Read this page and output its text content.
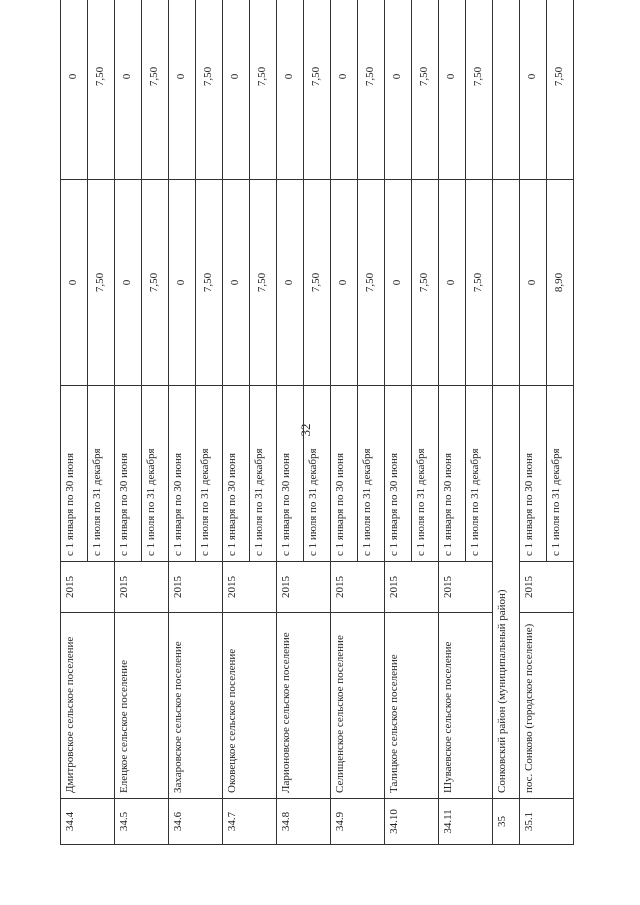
32
34.4	Дмитровское сельское поселение	2015	с 1 января по 30 июня	0	0
			с 1 июля по 31 декабря	7,50	7,50
34.5	Елецкое сельское поселение	2015	с 1 января по 30 июня	0	0
			с 1 июля по 31 декабря	7,50	7,50
34.6	Захаровское сельское поселение	2015	с 1 января по 30 июня	0	0
			с 1 июля по 31 декабря	7,50	7,50
34.7	Оковецкое сельское поселение	2015	с 1 января по 30 июня	0	0
			с 1 июля по 31 декабря	7,50	7,50
34.8	Ларионовское сельское поселение	2015	с 1 января по 30 июня	0	0
			с 1 июля по 31 декабря	7,50	7,50
34.9	Селищенское сельское поселение	2015	с 1 января по 30 июня	0	0
			с 1 июля по 31 декабря	7,50	7,50
34.10	Талицкое сельское поселение	2015	с 1 января по 30 июня	0	0
			с 1 июля по 31 декабря	7,50	7,50
34.11	Шуваевское сельское поселение	2015	с 1 января по 30 июня	0	0
			с 1 июля по 31 декабря	7,50	7,50
35	Сонковский район (муниципальный район)				
35.1	пос. Сонково (городское поселение)	2015	с 1 января по 30 июня	0	0
			с 1 июля по 31 декабря	8,90	7,50
